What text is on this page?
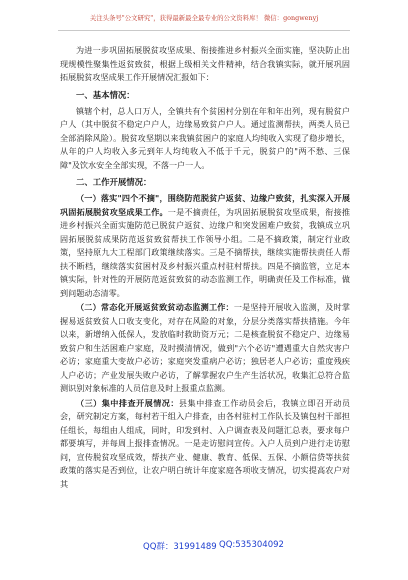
关注头条号"公文研究"，获得最新最全最专业的公文资料库！ 微信：gongwenyj

为进一步巩固拓展脱贫攻坚成果、衔接推进乡村振兴全面实施，坚决防止出现规模性聚集性返贫致贫，根据上级相关文件精神，结合我镇实际，就开展巩固拓展脱贫攻坚成果工作开展情况汇报如下：

一、基本情况：

镇辖个村，总人口万人，全镇共有个贫困村分别在年和年出列，现有脱贫户户人（其中脱贫不稳定户户人，边缘易致贫户户人。通过监测帮扶，两类人员已全部消除风险）。脱贫攻坚期以来我镇贫困户的家庭人均纯收入实现了稳步增长，从年的户人均收入多元到年人均纯收入不低于千元，脱贫户的"两不愁、三保障"及饮水安全全部实现，不落一户一人。

二、工作开展情况：

（一）落实"四个不摘"，围绕防范脱贫户返贫、边缘户致贫，扎实深入开展巩固拓展脱贫攻坚成果工作。一是不摘责任，为巩固拓展脱贫攻坚成果，衔接推进乡村振兴全面实施防范已脱贫户返贫、边缘户和突发困难户致贫，我镇成立巩固拓展脱贫成果防范返贫致贫帮扶工作领导小组。二是不摘政策，制定行业政策，坚持原九大工程部门政策继续落实。三是不摘帮扶，继续实施帮扶责任人帮扶不断档，继续落实贫困村及乡村振兴重点村驻村帮扶。四是不摘监管，立足本镇实际，针对性的开展防范返贫致贫的动态监测工作，明确责任及工作标准，做到问题动态清零。

（二）常态化开展返贫致贫动态监测工作：一是坚持开展收入监测，及时掌握易返贫致贫人口收支变化，对存在风险的对象，分层分类落实帮扶措施。今年以来，新增纳入低保人，发放临时救助资万元；二是核查脱贫不稳定户、边缘易致贫户和生活困难户家庭，及时摸清情况，做到"六个必访"遭遇重大自然灾害户必访；家庭重大变故户必访；家庭突发重病户必访；独居老人户必访；重度残疾人户必访；产业发展失败户必访，了解掌握农户生产生活状况，收集汇总符合监测识别对象标准的人员信息及时上报重点监测。

（三）集中排查开展情况：县集中排查工作动员会后，我镇立即召开动员会，研究制定方案，每村若干组入户排查，由各村驻村工作队长及镇包村干部担任组长，每组由人组成，同时，印发到村、入户调查表及问题汇总表，要求每户都要填写，并每周上报排查情况。一是走访慰问宣传。入户人员到户进行走访慰问，宣传脱贫攻坚成效，帮扶产业、健康、教育、低保、五保、小额信贷等扶贫政策的落实是否到位，让农户明白统计年度家庭各项收支情况，切实提高农户对其

QQ群：31991489 QQ:535304092
